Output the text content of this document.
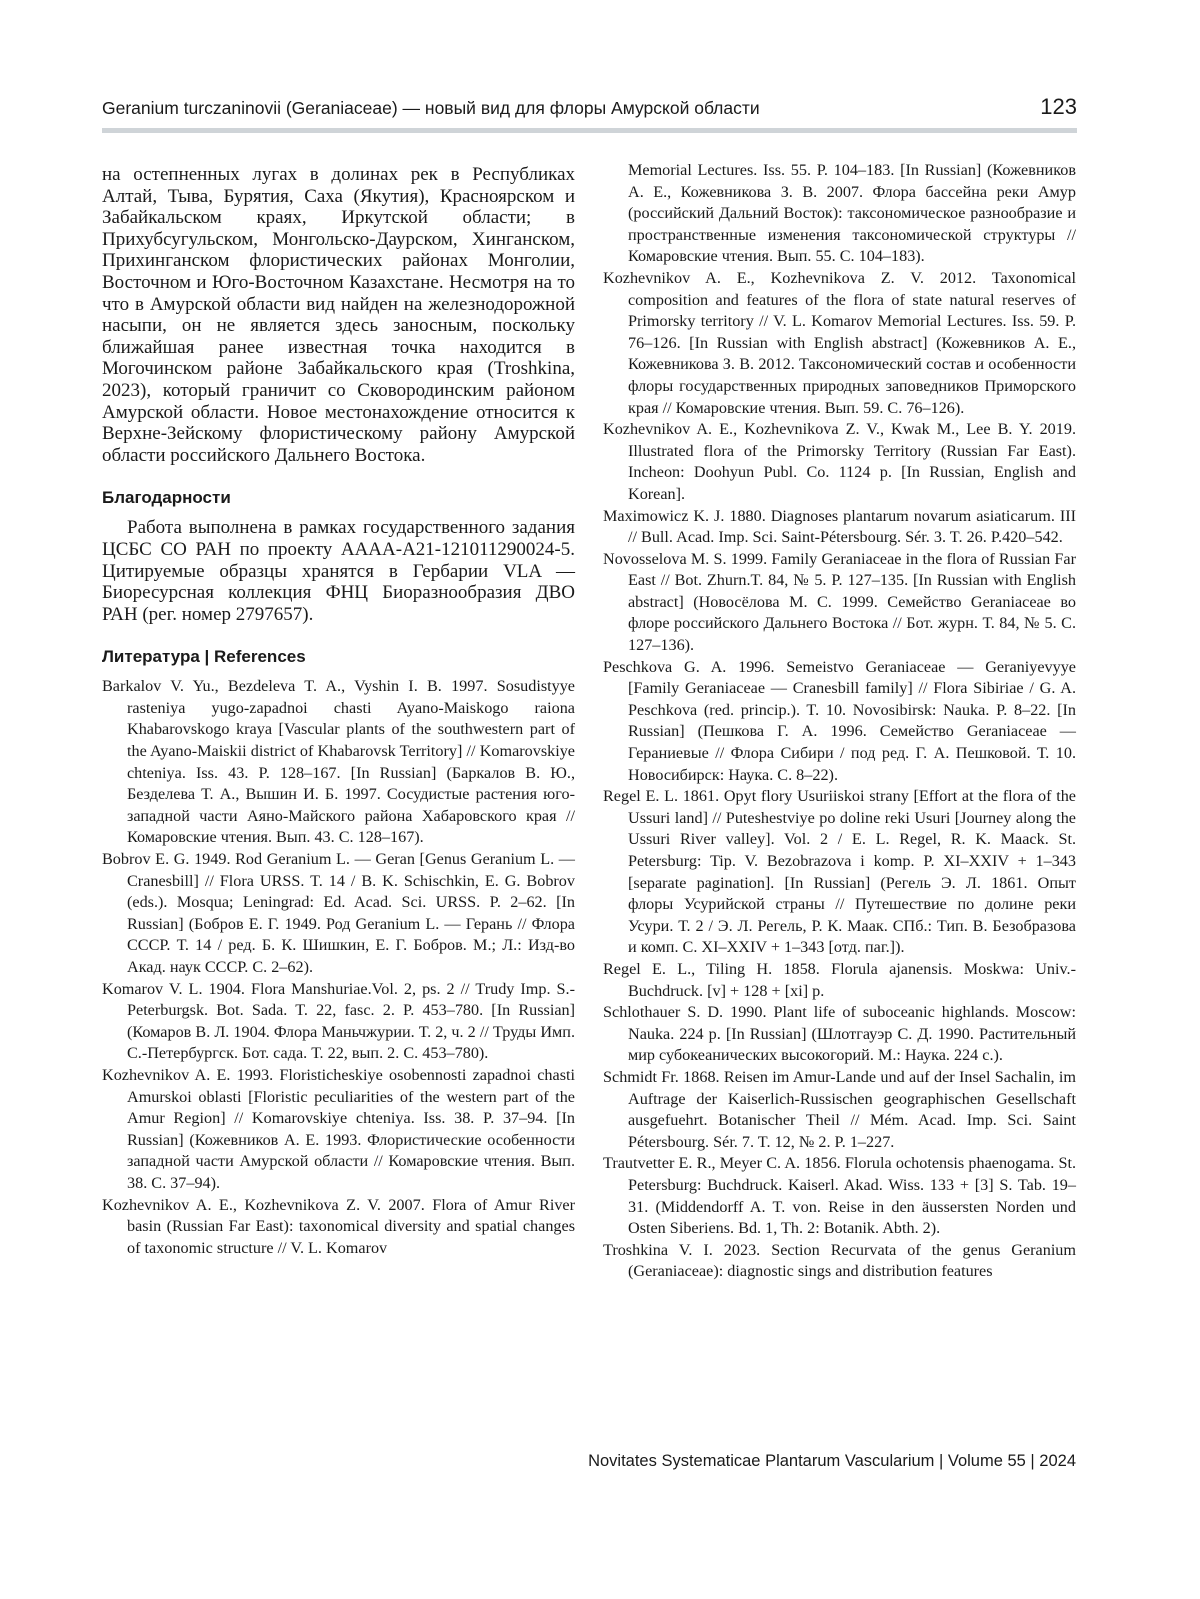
Geranium turczaninovii (Geraniaceae) — новый вид для флоры Амурской области	123

на остепненных лугах в долинах рек в Республиках Алтай, Тыва, Бурятия, Саха (Якутия), Красноярском и Забайкальском краях, Иркутской области; в Прихубсугульском, Монгольско-Даурском, Хинганском, Прихинганском флористических районах Монголии, Восточном и Юго-Восточном Казахстане. Несмотря на то что в Амурской области вид найден на железнодорожной насыпи, он не является здесь заносным, поскольку ближайшая ранее известная точка находится в Могочинском районе Забайкальского края (Troshkina, 2023), который граничит со Сковородинским районом Амурской области. Новое местонахождение относится к Верхне-Зейскому флористическому району Амурской области российского Дальнего Востока.

Благодарности

Работа выполнена в рамках государственного задания ЦСБС СО РАН по проекту АААА-А21-121011290024-5. Цитируемые образцы хранятся в Гербарии VLA — Биоресурсная коллекция ФНЦ Биоразнообразия ДВО РАН (рег. номер 2797657).

Литература | References

Barkalov V. Yu., Bezdeleva T. A., Vyshin I. B. 1997. Sosudistyye rasteniya yugo-zapadnoi chasti Ayano-Maiskogo raiona Khabarovskogo kraya [Vascular plants of the southwestern part of the Ayano-Maiskii district of Khabarovsk Territory] // Komarovskiye chteniya. Iss. 43. P. 128–167. [In Russian] (Баркалов В. Ю., Безделева Т. А., Вышин И. Б. 1997. Сосудистые растения юго-западной части Аяно-Майского района Хабаровского края // Комаровские чтения. Вып. 43. С. 128–167).

Bobrov E. G. 1949. Rod Geranium L. — Geran [Genus Geranium L. — Cranesbill] // Flora URSS. T. 14 / B. K. Schischkin, E. G. Bobrov (eds.). Mosqua; Leningrad: Ed. Acad. Sci. URSS. P. 2–62. [In Russian] (Бобров Е. Г. 1949. Род Geranium L. — Герань // Флора СССР. Т. 14 / ред. Б. К. Шишкин, Е. Г. Бобров. М.; Л.: Изд-во Акад. наук СССР. С. 2–62).

Komarov V. L. 1904. Flora Manshuriae.Vol. 2, ps. 2 // Trudy Imp. S.-Peterburgsk. Bot. Sada. T. 22, fasc. 2. P. 453–780. [In Russian] (Комаров В. Л. 1904. Флора Маньчжурии. Т. 2, ч. 2 // Труды Имп. С.-Петербургск. Бот. сада. Т. 22, вып. 2. С. 453–780).

Kozhevnikov A. E. 1993. Floristicheskiye osobennosti zapadnoi chasti Amurskoi oblasti [Floristic peculiarities of the western part of the Amur Region] // Komarovskiye chteniya. Iss. 38. P. 37–94. [In Russian] (Кожевников А. Е. 1993. Флористические особенности западной части Амурской области // Комаровские чтения. Вып. 38. С. 37–94).

Kozhevnikov A. E., Kozhevnikova Z. V. 2007. Flora of Amur River basin (Russian Far East): taxonomical diversity and spatial changes of taxonomic structure // V. L. Komarov

Memorial Lectures. Iss. 55. P. 104–183. [In Russian] (Кожевников А. Е., Кожевникова З. В. 2007. Флора бассейна реки Амур (российский Дальний Восток): таксономическое разнообразие и пространственные изменения таксономической структуры // Комаровские чтения. Вып. 55. С. 104–183).

Kozhevnikov A. E., Kozhevnikova Z. V. 2012. Taxonomical composition and features of the flora of state natural reserves of Primorsky territory // V. L. Komarov Memorial Lectures. Iss. 59. P. 76–126. [In Russian with English abstract] (Кожевников А. Е., Кожевникова З. В. 2012. Таксономический состав и особенности флоры государственных природных заповедников Приморского края // Комаровские чтения. Вып. 59. С. 76–126).

Kozhevnikov A. E., Kozhevnikova Z. V., Kwak M., Lee B. Y. 2019. Illustrated flora of the Primorsky Territory (Russian Far East). Incheon: Doohyun Publ. Co. 1124 p. [In Russian, English and Korean].

Maximowicz K. J. 1880. Diagnoses plantarum novarum asiaticarum. III // Bull. Acad. Imp. Sci. Saint-Pétersbourg. Sér. 3. T. 26. P.420–542.

Novosselova M. S. 1999. Family Geraniaceae in the flora of Russian Far East // Bot. Zhurn.T. 84, № 5. P. 127–135. [In Russian with English abstract] (Новосёлова М. С. 1999. Семейство Geraniaceae во флоре российского Дальнего Востока // Бот. журн. Т. 84, № 5. С. 127–136).

Peschkova G. A. 1996. Semeistvo Geraniaceae — Geraniyevyye [Family Geraniaceae — Cranesbill family] // Flora Sibiriae / G. A. Peschkova (red. princip.). T. 10. Novosibirsk: Nauka. P. 8–22. [In Russian] (Пешкова Г. А. 1996. Семейство Geraniaceae — Гераниевые // Флора Сибири / под ред. Г. А. Пешковой. Т. 10. Новосибирск: Наука. С. 8–22).

Regel E. L. 1861. Opyt flory Usuriiskoi strany [Effort at the flora of the Ussuri land] // Puteshestviye po doline reki Usuri [Journey along the Ussuri River valley]. Vol. 2 / E. L. Regel, R. K. Maack. St. Petersburg: Tip. V. Bezobrazova i komp. P. XI–XXIV + 1–343 [separate pagination]. [In Russian] (Регель Э. Л. 1861. Опыт флоры Усурийской страны // Путешествие по долине реки Усури. Т. 2 / Э. Л. Регель, Р. К. Маак. СПб.: Тип. В. Безобразова и комп. С. XI–XXIV + 1–343 [отд. паг.]).

Regel E. L., Tiling H. 1858. Florula ajanensis. Moskwa: Univ.-Buchdruck. [v] + 128 + [xi] p.

Schlothauer S. D. 1990. Plant life of suboceanic highlands. Moscow: Nauka. 224 p. [In Russian] (Шлотгауэр С. Д. 1990. Растительный мир субокеанических высокогорий. М.: Наука. 224 с.).

Schmidt Fr. 1868. Reisen im Amur-Lande und auf der Insel Sachalin, im Auftrage der Kaiserlich-Russischen geographischen Gesellschaft ausgefuehrt. Botanischer Theil // Mém. Acad. Imp. Sci. Saint Pétersbourg. Sér. 7. T. 12, № 2. P. 1–227.

Trautvetter E. R., Meyer C. A. 1856. Florula ochotensis phaenogama. St. Petersburg: Buchdruck. Kaiserl. Akad. Wiss. 133 + [3] S. Tab. 19–31. (Middendorff A. T. von. Reise in den äussersten Norden und Osten Siberiens. Bd. 1, Th. 2: Botanik. Abth. 2).

Troshkina V. I. 2023. Section Recurvata of the genus Geranium (Geraniaceae): diagnostic sings and distribution features

Novitates Systematicae Plantarum Vascularium | Volume 55 | 2024
